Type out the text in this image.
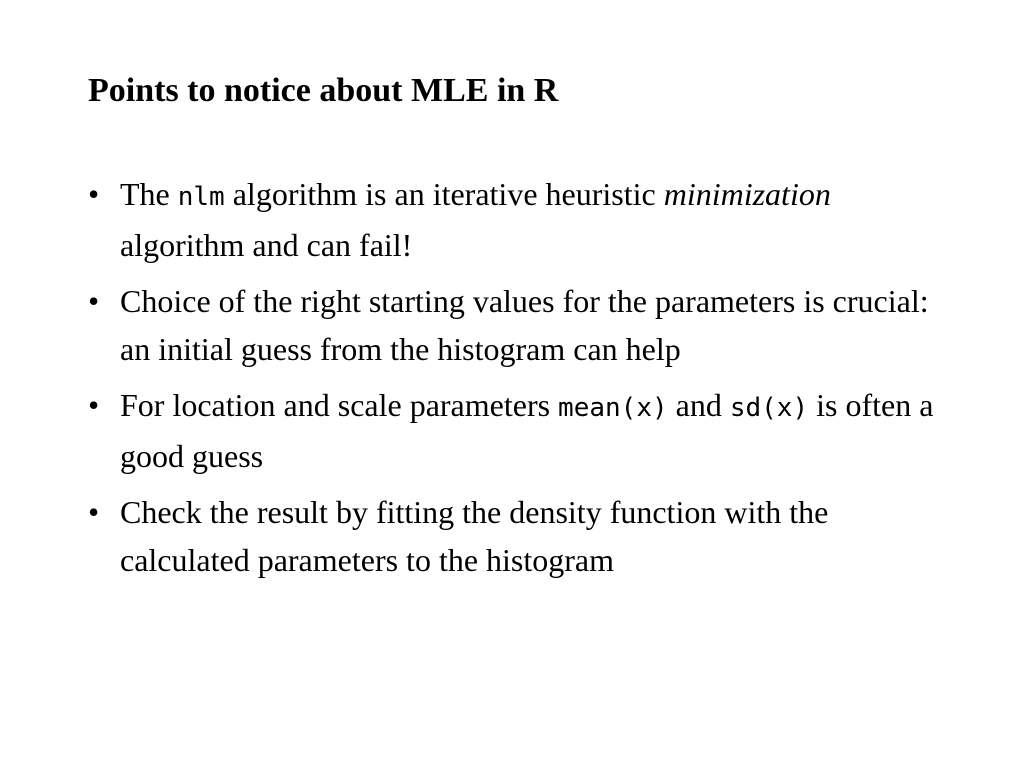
Points to notice about MLE in R
• The nlm algorithm is an iterative heuristic minimization algorithm and can fail!
• Choice of the right starting values for the parameters is crucial: an initial guess from the histogram can help
• For location and scale parameters mean(x) and sd(x) is often a good guess
• Check the result by fitting the density function with the calculated parameters to the histogram
